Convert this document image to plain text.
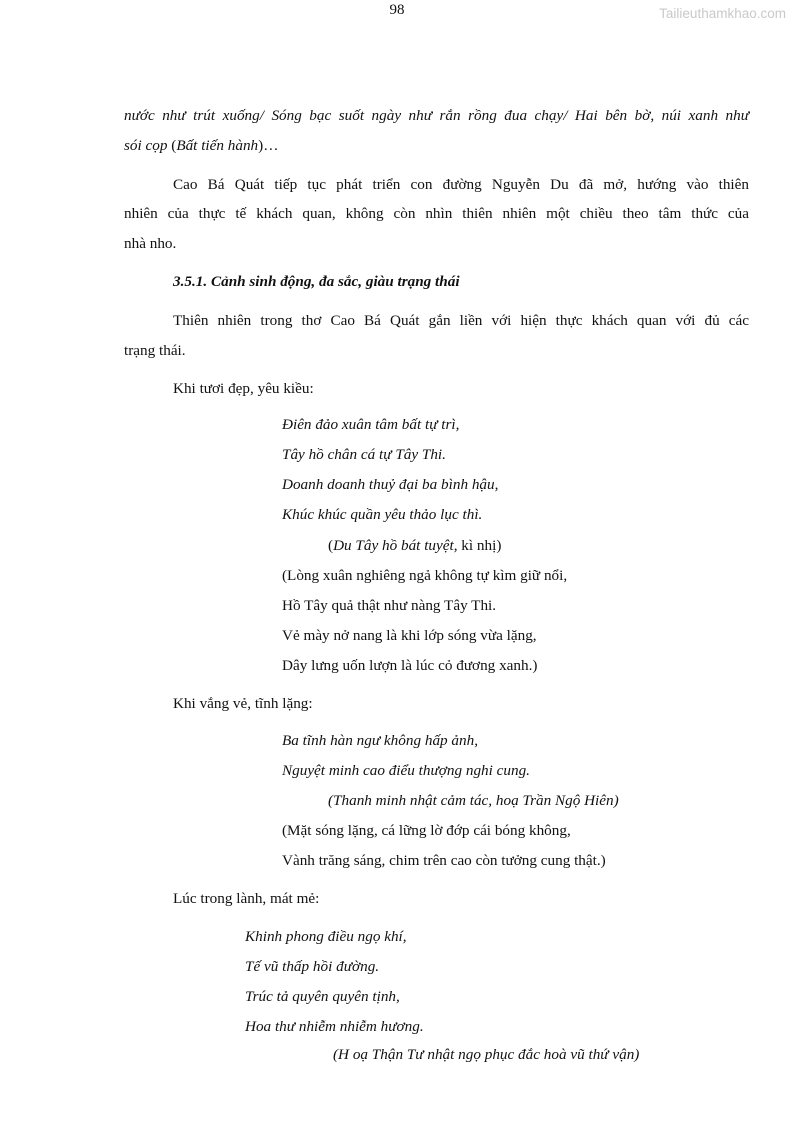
98	Tailieuthamkhao.com
nước như trút xuống/ Sóng bạc suốt ngày như rắn rồng đua chạy/ Hai bên bờ, núi xanh như
sói cọp (Bất tiến hành)…
Cao Bá Quát tiếp tục phát triển con đường Nguyễn Du đã mở, hướng vào thiên
nhiên của thực tế khách quan, không còn nhìn thiên nhiên một chiều theo tâm thức của
nhà nho.
3.5.1. Cảnh sinh động, đa sắc, giàu trạng thái
Thiên nhiên trong thơ Cao Bá Quát gắn liền với hiện thực khách quan với đủ các
trạng thái.
Khi tươi đẹp, yêu kiều:
Điên đảo xuân tâm bất tự trì,
Tây hồ chân cá tự Tây Thi.
Doanh doanh thuỷ đại ba bình hậu,
Khúc khúc quần yêu thảo lục thì.
(Du Tây hồ bát tuyệt, kì nhị)
(Lòng xuân nghiêng ngả không tự kìm giữ nổi,
Hồ Tây quả thật như nàng Tây Thi.
Vẻ mày nở nang là khi lớp sóng vừa lặng,
Dây lưng uốn lượn là lúc cỏ đương xanh.)
Khi vắng vẻ, tĩnh lặng:
Ba tĩnh hàn ngư không hấp ảnh,
Nguyệt minh cao điểu thượng nghi cung.
(Thanh minh nhật cảm tác, hoạ Trần Ngộ Hiên)
(Mặt sóng lặng, cá lững lờ đớp cái bóng không,
Vành trăng sáng, chim trên cao còn tưởng cung thật.)
Lúc trong lành, mát mẻ:
Khinh phong điều ngọ khí,
Tế vũ thấp hồi đường.
Trúc tả quyên quyên tịnh,
Hoa thư nhiễm nhiễm hương.
(H oạ Thận Tư nhật ngọ phục đắc hoà vũ thứ vận)
